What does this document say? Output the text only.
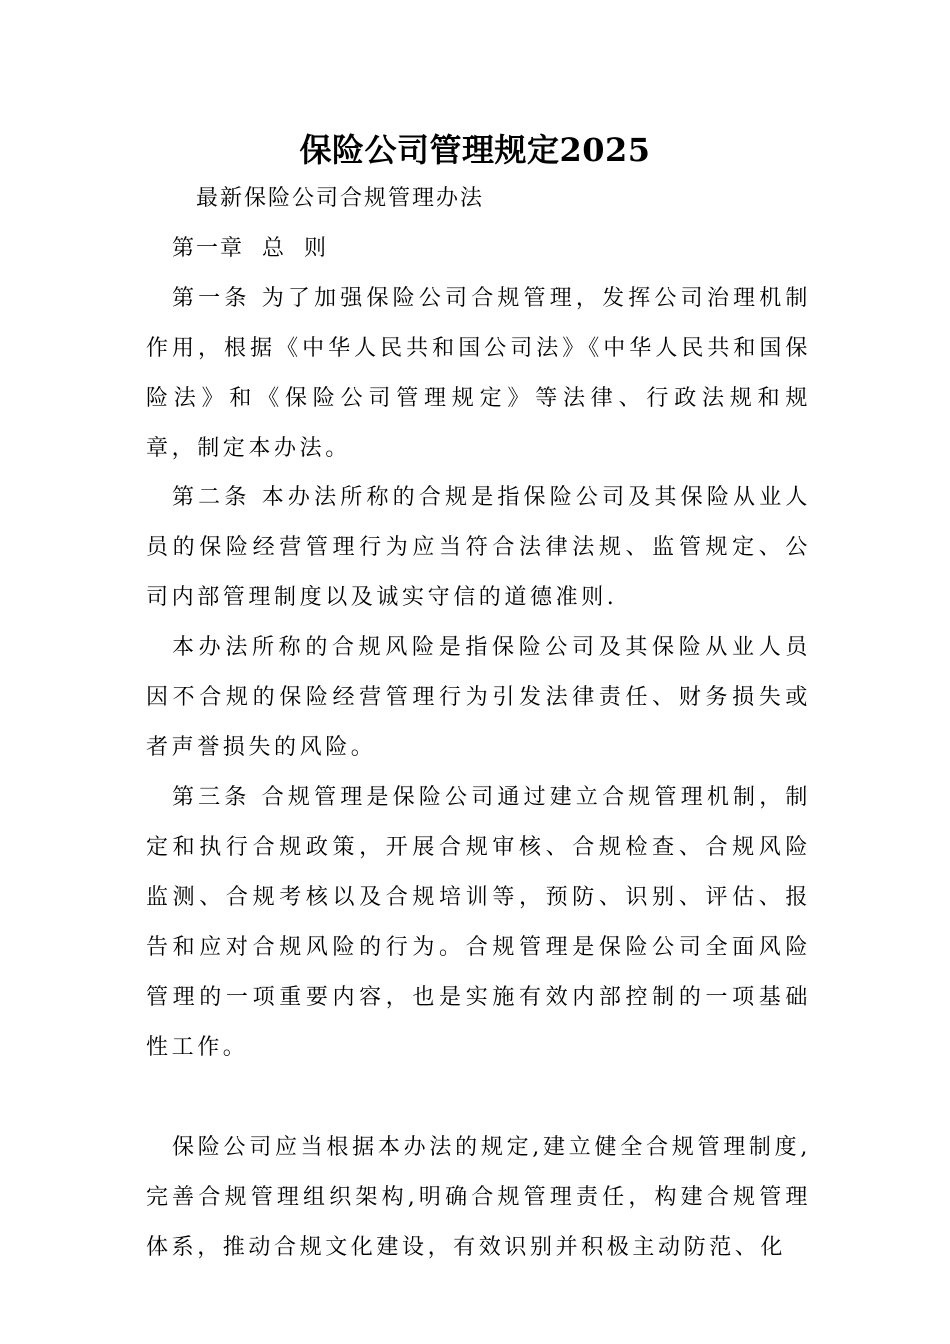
保险公司管理规定2025
最新保险公司合规管理办法
第一章  总  则

第一条 为了加强保险公司合规管理，发挥公司治理机制作用，根据《中华人民共和国公司法》《中华人民共和国保险法》和《保险公司管理规定》等法律、行政法规和规章，制定本办法。

第二条 本办法所称的合规是指保险公司及其保险从业人员的保险经营管理行为应当符合法律法规、监管规定、公司内部管理制度以及诚实守信的道德准则.

本办法所称的合规风险是指保险公司及其保险从业人员因不合规的保险经营管理行为引发法律责任、财务损失或者声誉损失的风险。

第三条 合规管理是保险公司通过建立合规管理机制，制定和执行合规政策，开展合规审核、合规检查、合规风险监测、合规考核以及合规培训等，预防、识别、评估、报告和应对合规风险的行为。合规管理是保险公司全面风险管理的一项重要内容，也是实施有效内部控制的一项基础性工作。

保险公司应当根据本办法的规定,建立健全合规管理制度,完善合规管理组织架构,明确合规管理责任，构建合规管理体系，推动合规文化建设，有效识别并积极主动防范、化
